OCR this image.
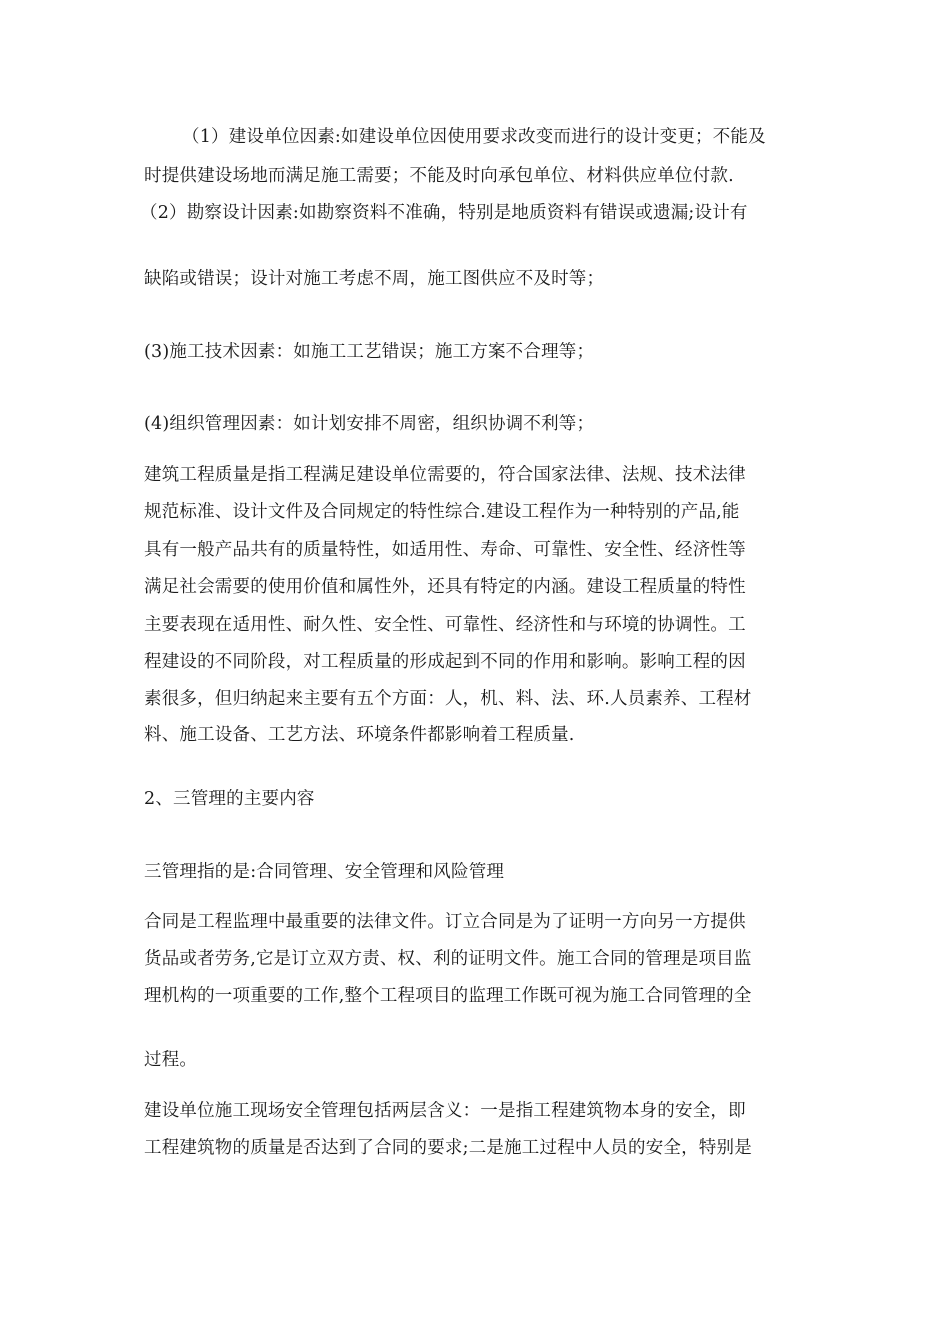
（1）建设单位因素:如建设单位因使用要求改变而进行的设计变更；不能及
时提供建设场地而满足施工需要；不能及时向承包单位、材料供应单位付款.
（2）勘察设计因素:如勘察资料不准确，特别是地质资料有错误或遗漏;设计有
缺陷或错误；设计对施工考虑不周，施工图供应不及时等；
(3)施工技术因素：如施工工艺错误；施工方案不合理等；
(4)组织管理因素：如计划安排不周密，组织协调不利等；
建筑工程质量是指工程满足建设单位需要的，符合国家法律、法规、技术法律
规范标准、设计文件及合同规定的特性综合.建设工程作为一种特别的产品,能
具有一般产品共有的质量特性，如适用性、寿命、可靠性、安全性、经济性等
满足社会需要的使用价值和属性外，还具有特定的内涵。建设工程质量的特性
主要表现在适用性、耐久性、安全性、可靠性、经济性和与环境的协调性。工
程建设的不同阶段，对工程质量的形成起到不同的作用和影响。影响工程的因
素很多，但归纳起来主要有五个方面：人，机、料、法、环.人员素养、工程材
料、施工设备、工艺方法、环境条件都影响着工程质量.
2、三管理的主要内容
三管理指的是:合同管理、安全管理和风险管理
合同是工程监理中最重要的法律文件。订立合同是为了证明一方向另一方提供
货品或者劳务,它是订立双方责、权、利的证明文件。施工合同的管理是项目监
理机构的一项重要的工作,整个工程项目的监理工作既可视为施工合同管理的全
过程。
建设单位施工现场安全管理包括两层含义：一是指工程建筑物本身的安全，即
工程建筑物的质量是否达到了合同的要求;二是施工过程中人员的安全，特别是
